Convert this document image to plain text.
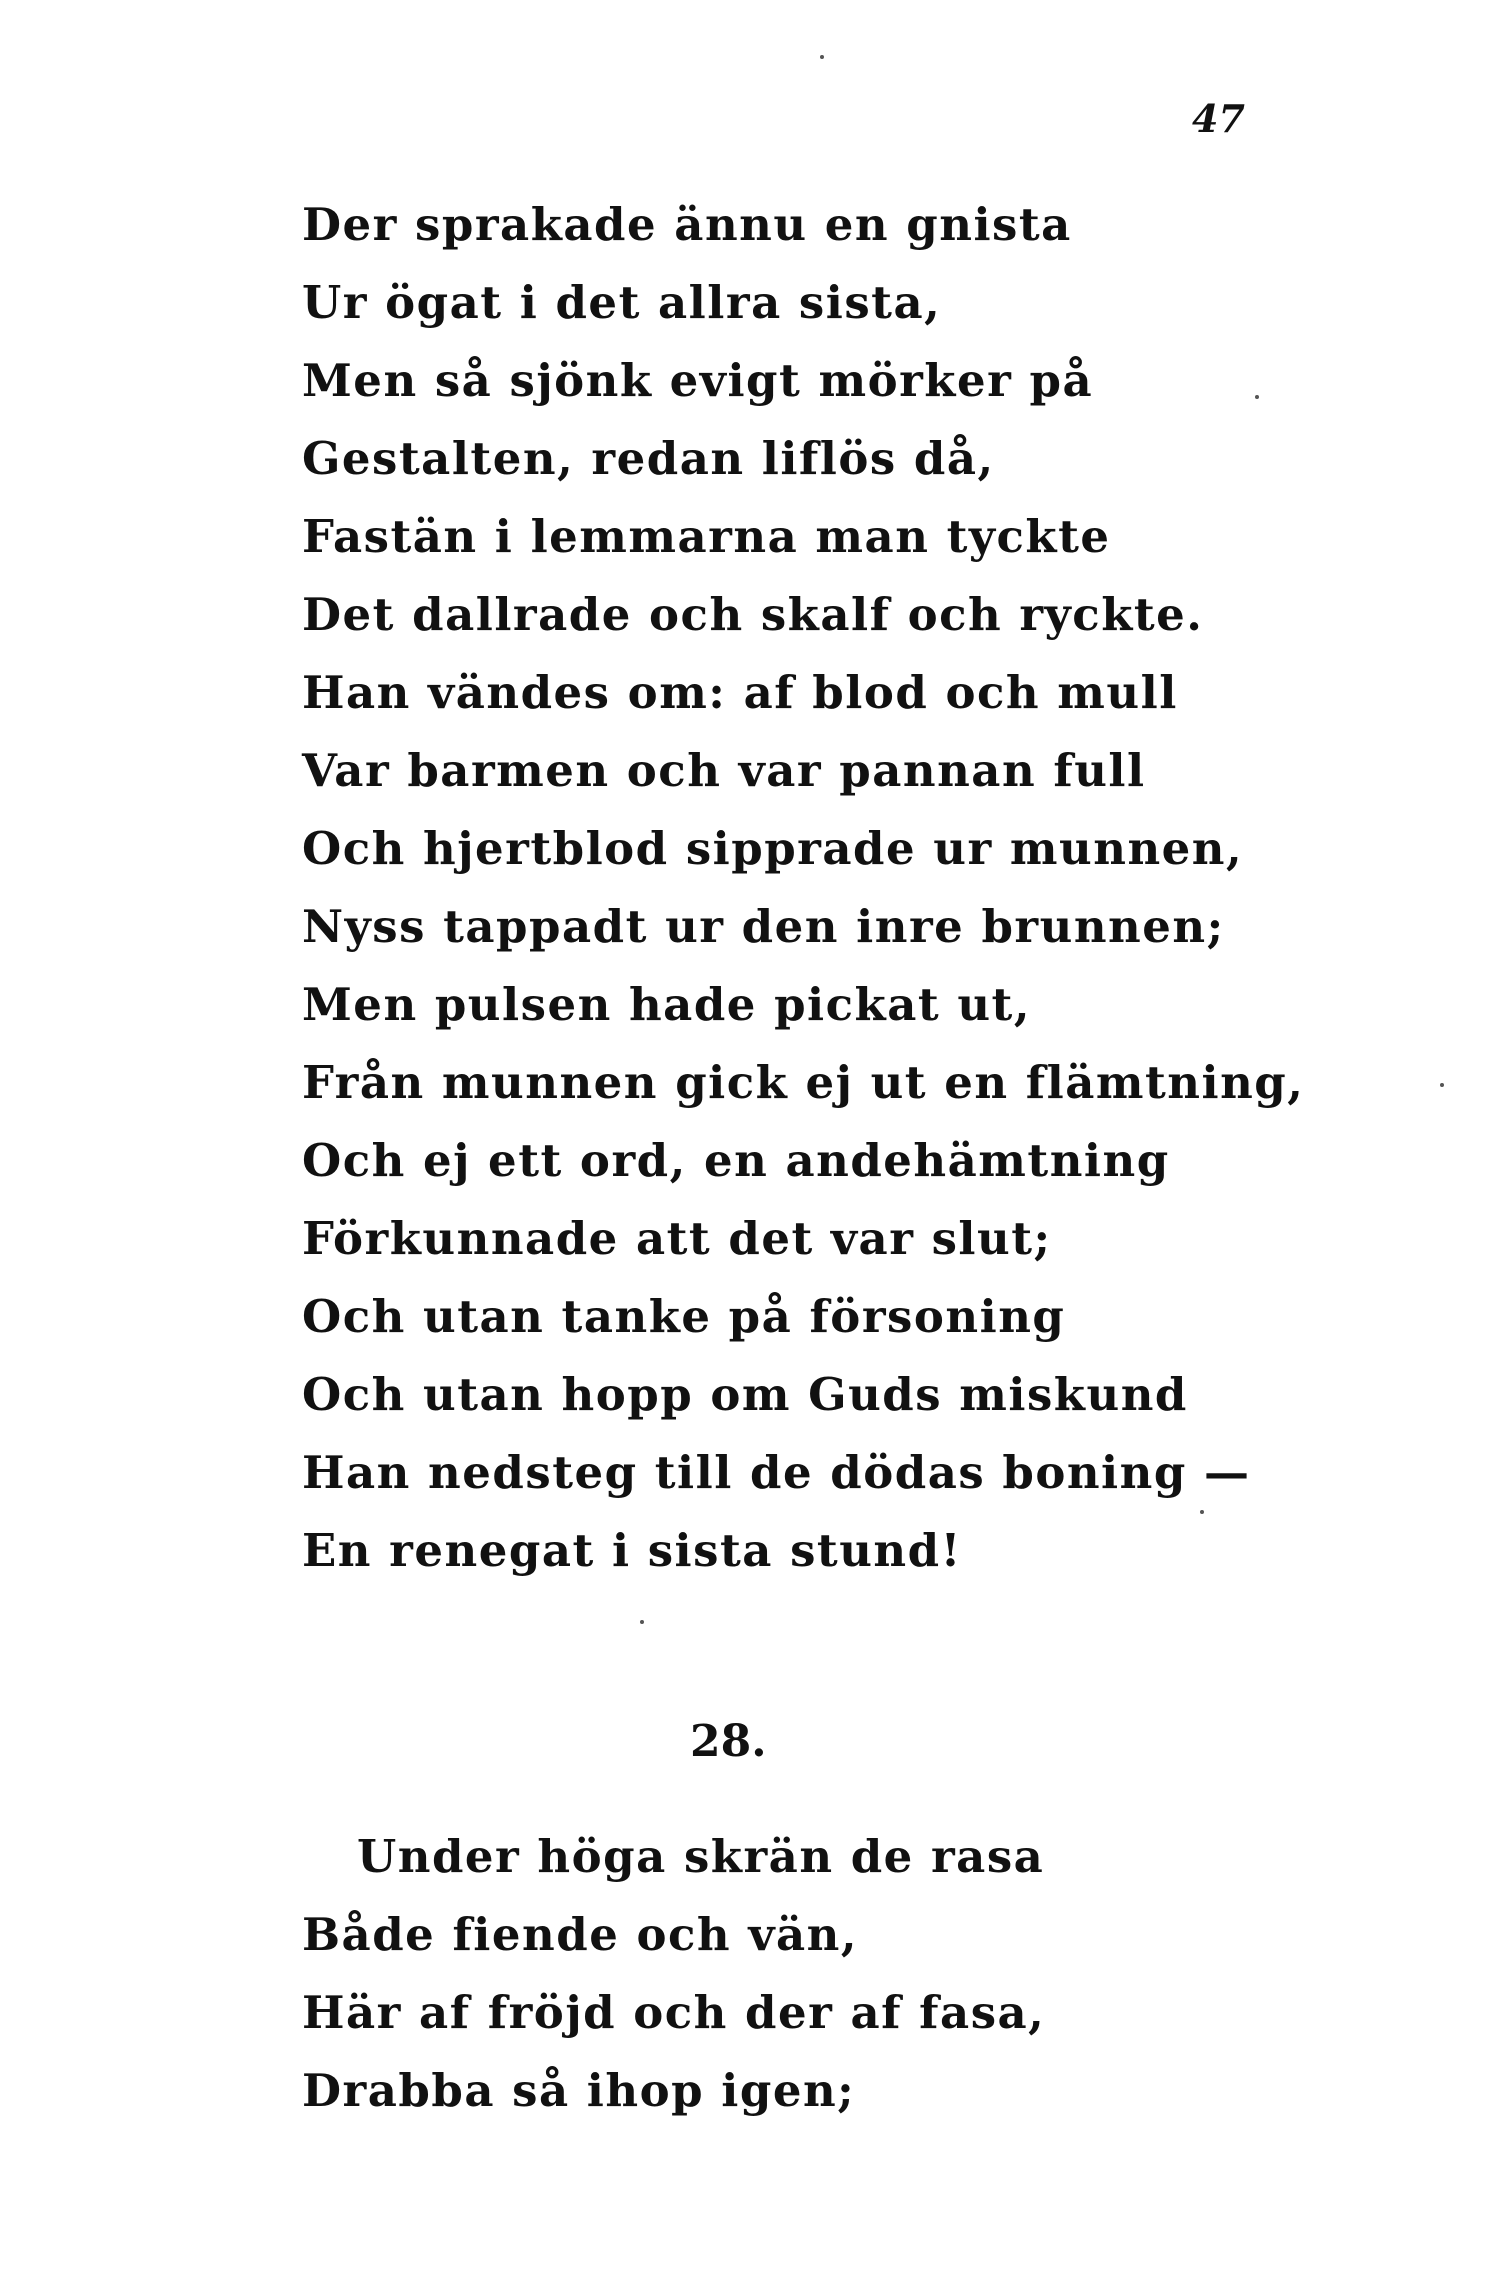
47
Der sprakade ännu en gnista
Ur ögat i det allra sista,
Men så sjönk evigt mörker på
Gestalten, redan liflös då,
Fastän i lemmarna man tyckte
Det dallrade och skalf och ryckte.
Han vändes om: af blod och mull
Var barmen och var pannan full
Och hjertblod sipprade ur munnen,
Nyss tappadt ur den inre brunnen;
Men pulsen hade pickat ut,
Från munnen gick ej ut en flämtning,
Och ej ett ord, en andehämtning
Förkunnade att det var slut;
Och utan tanke på försoning
Och utan hopp om Guds miskund
Han nedsteg till de dödas boning —
En renegat i sista stund!
28.
Under höga skrän de rasa
Både fiende och vän,
Här af fröjd och der af fasa,
Drabba så ihop igen;
